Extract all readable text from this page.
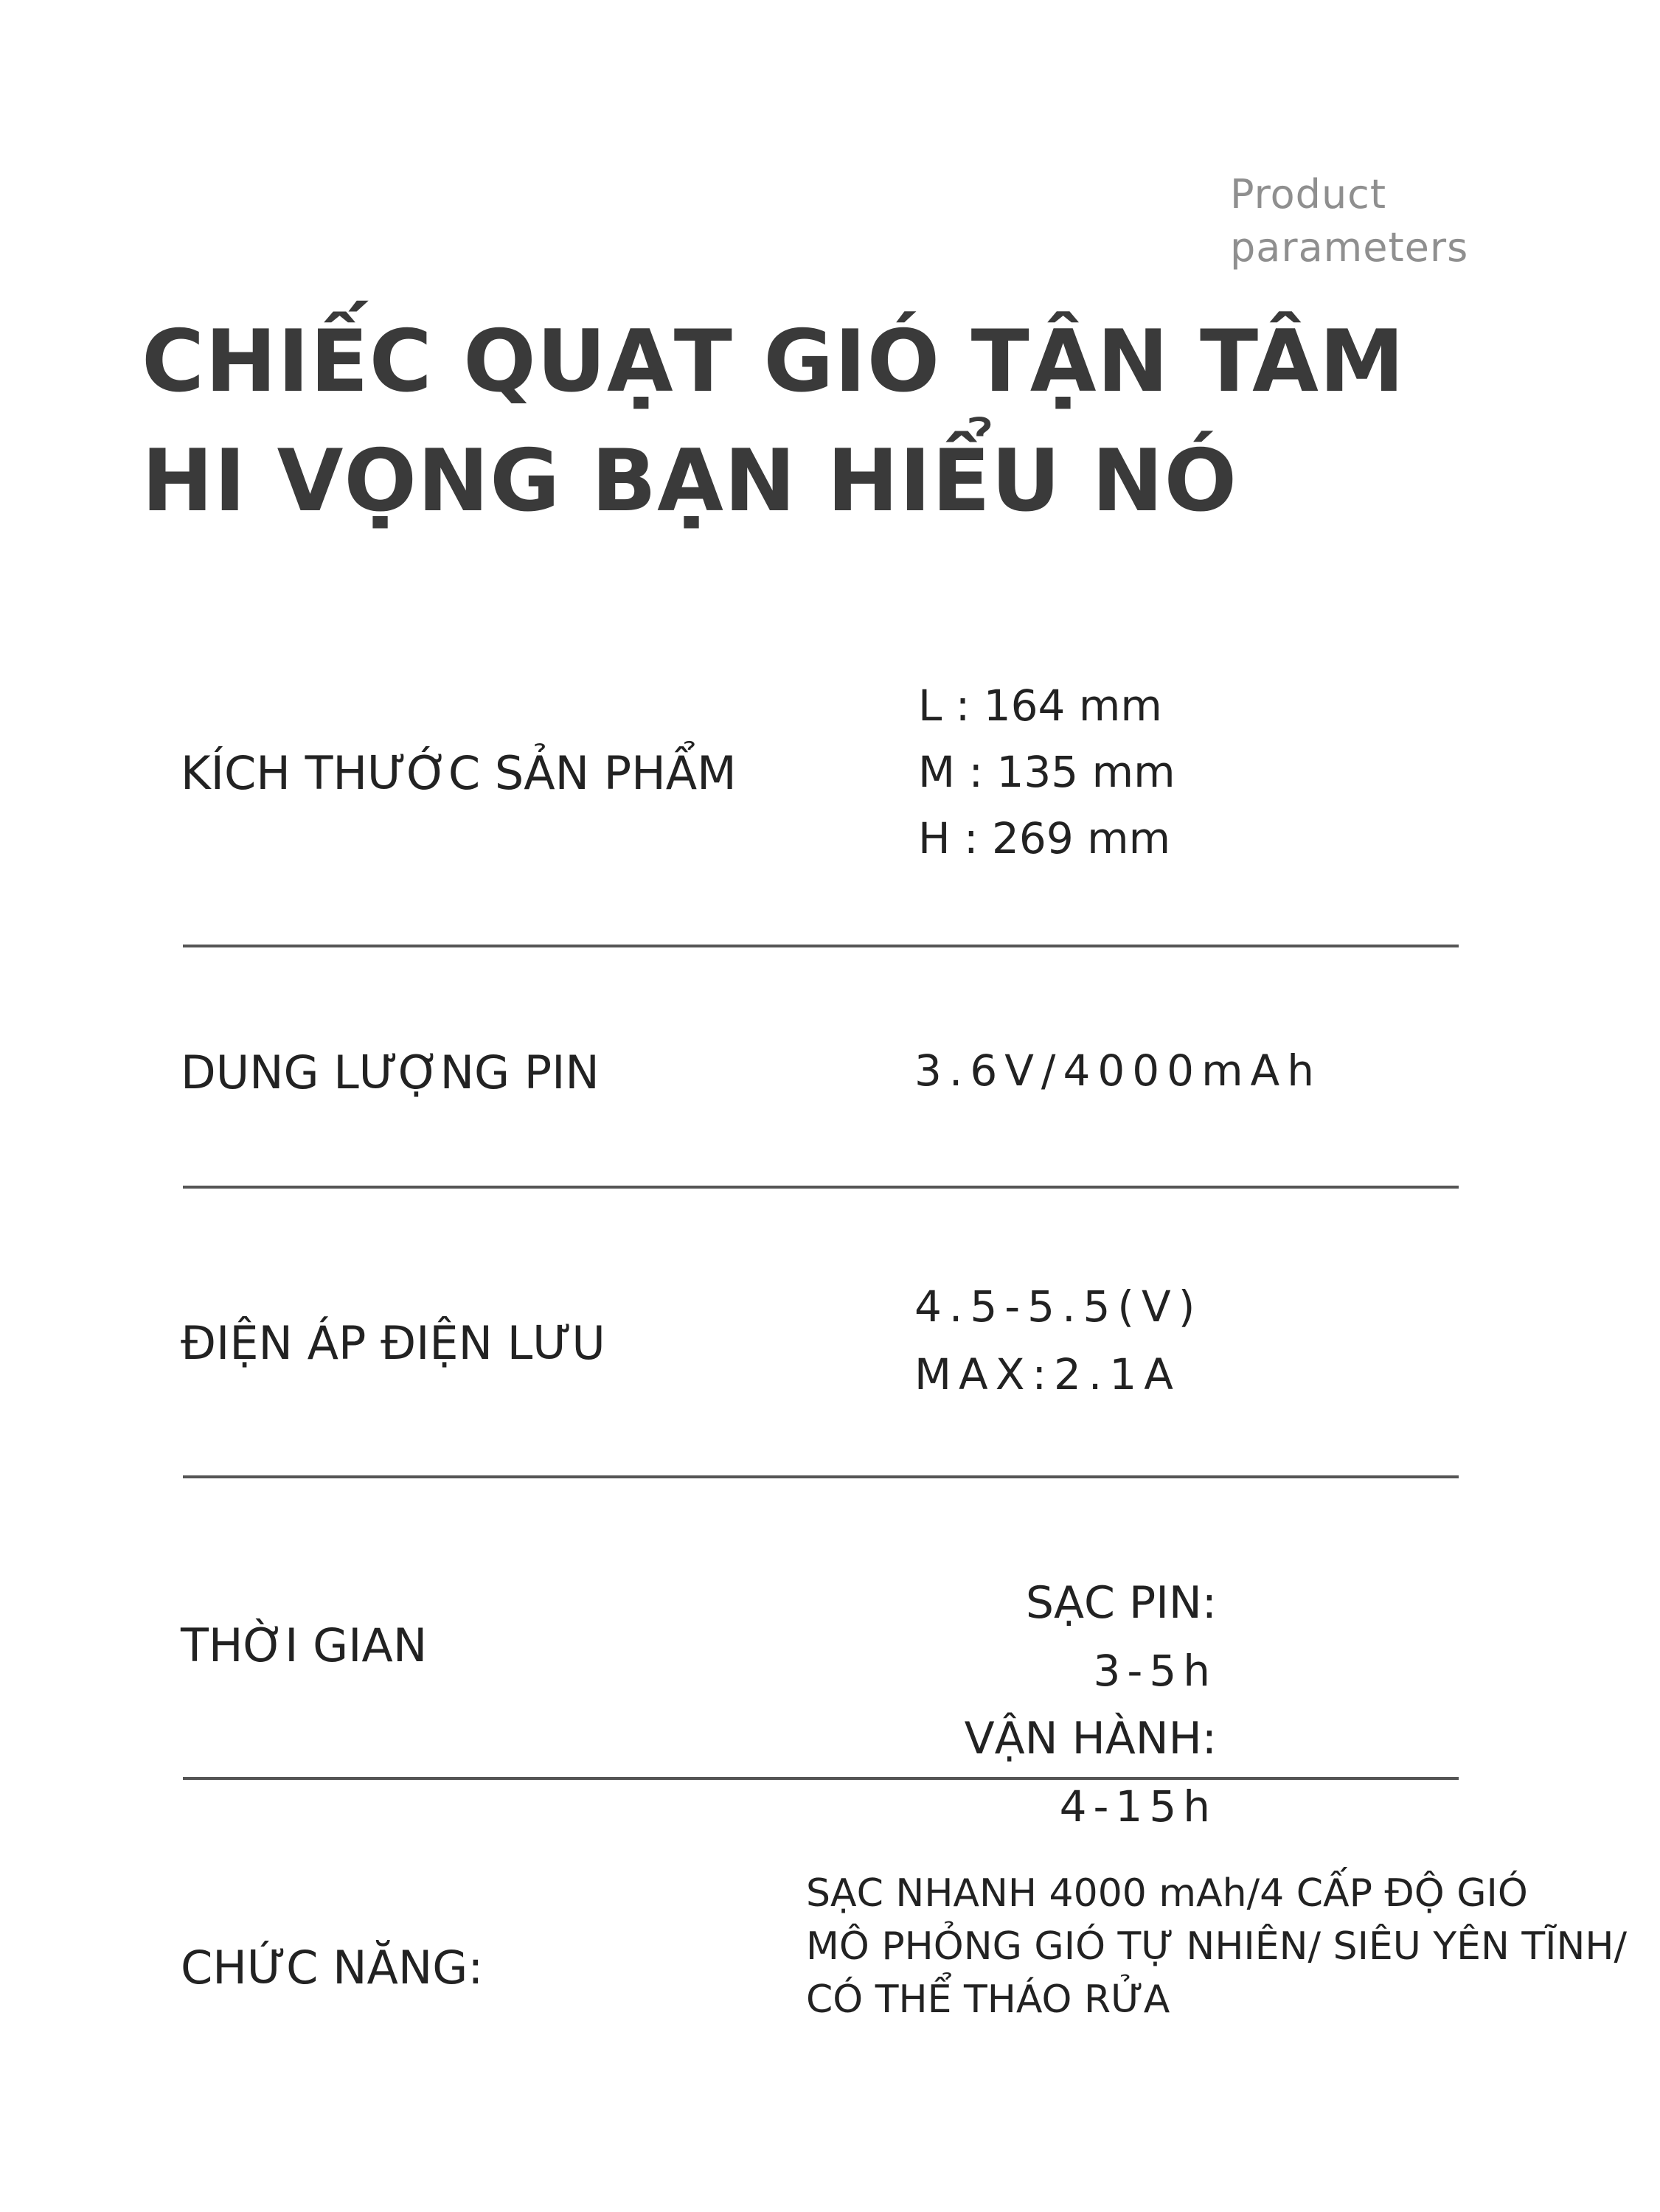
Product
parameters
CHIẾC QUẠT GIÓ TẬN TÂM
HI VỌNG BẠN HIỂU NÓ
KÍCH THƯỚC SẢN PHẨM
L : 164 mm
M : 135 mm
H : 269 mm
DUNG LƯỢNG PIN	3.6V/4000mAh
ĐIỆN ÁP ĐIỆN LƯU
4.5-5.5(V)
MAX:2.1A
THỜI GIAN
SẠC PIN:
3-5h
VẬN HÀNH:
4-15h
CHỨC NĂNG:
SẠC NHANH 4000 mAh/4 CẤP ĐỘ GIÓ
MÔ PHỎNG GIÓ TỰ NHIÊN/ SIÊU YÊN TĨNH/
CÓ THỂ THÁO RỬA
